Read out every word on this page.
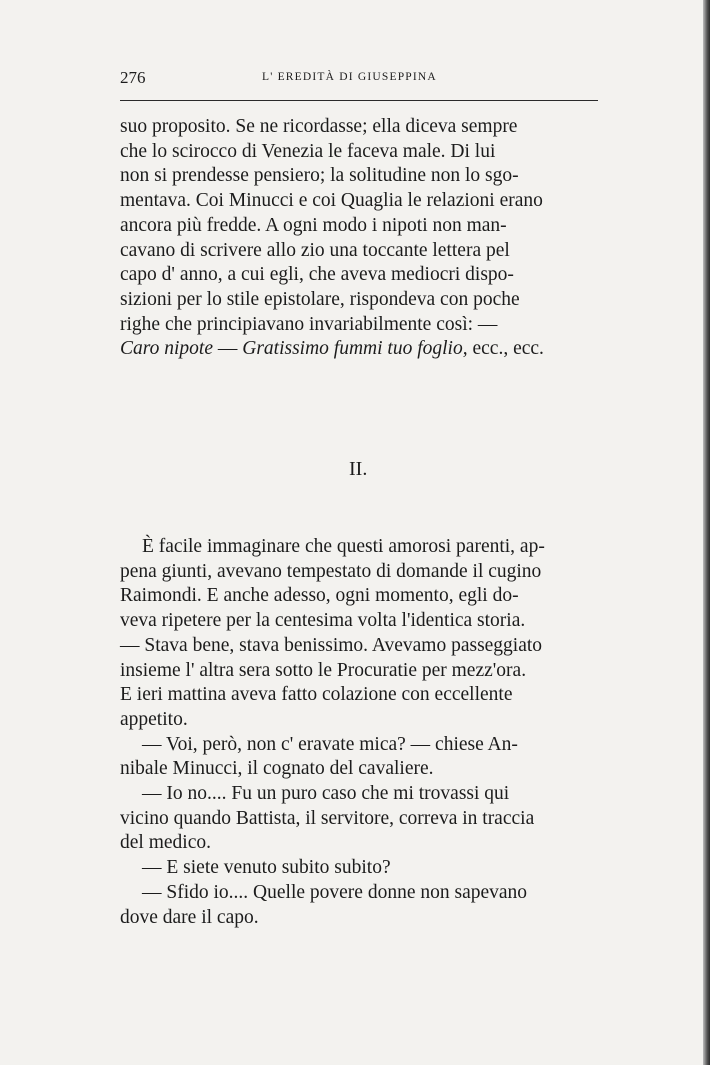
276	L' EREDITÀ DI GIUSEPPINA

suo proposito. Se ne ricordasse; ella diceva sempre

che lo scirocco di Venezia le faceva male. Di lui

non si prendesse pensiero; la solitudine non lo sgo-

mentava. Coi Minucci e coi Quaglia le relazioni erano

ancora più fredde. A ogni modo i nipoti non man-

cavano di scrivere allo zio una toccante lettera pel

capo d' anno, a cui egli, che aveva mediocri dispo-

sizioni per lo stile epistolare, rispondeva con poche

righe che principiavano invariabilmente così: —

Caro nipote — Gratissimo fummi tuo foglio, ecc., ecc.

II.

È facile immaginare che questi amorosi parenti, ap-

pena giunti, avevano tempestato di domande il cugino

Raimondi. E anche adesso, ogni momento, egli do-

veva ripetere per la centesima volta l'identica storia.

— Stava bene, stava benissimo. Avevamo passeggiato

insieme l' altra sera sotto le Procuratie per mezz'ora.

E ieri mattina aveva fatto colazione con eccellente

appetito.

— Voi, però, non c' eravate mica? — chiese An-

nibale Minucci, il cognato del cavaliere.

— Io no.... Fu un puro caso che mi trovassi qui

vicino quando Battista, il servitore, correva in traccia

del medico.

— E siete venuto subito subito?

— Sfido io.... Quelle povere donne non sapevano

dove dare il capo.
